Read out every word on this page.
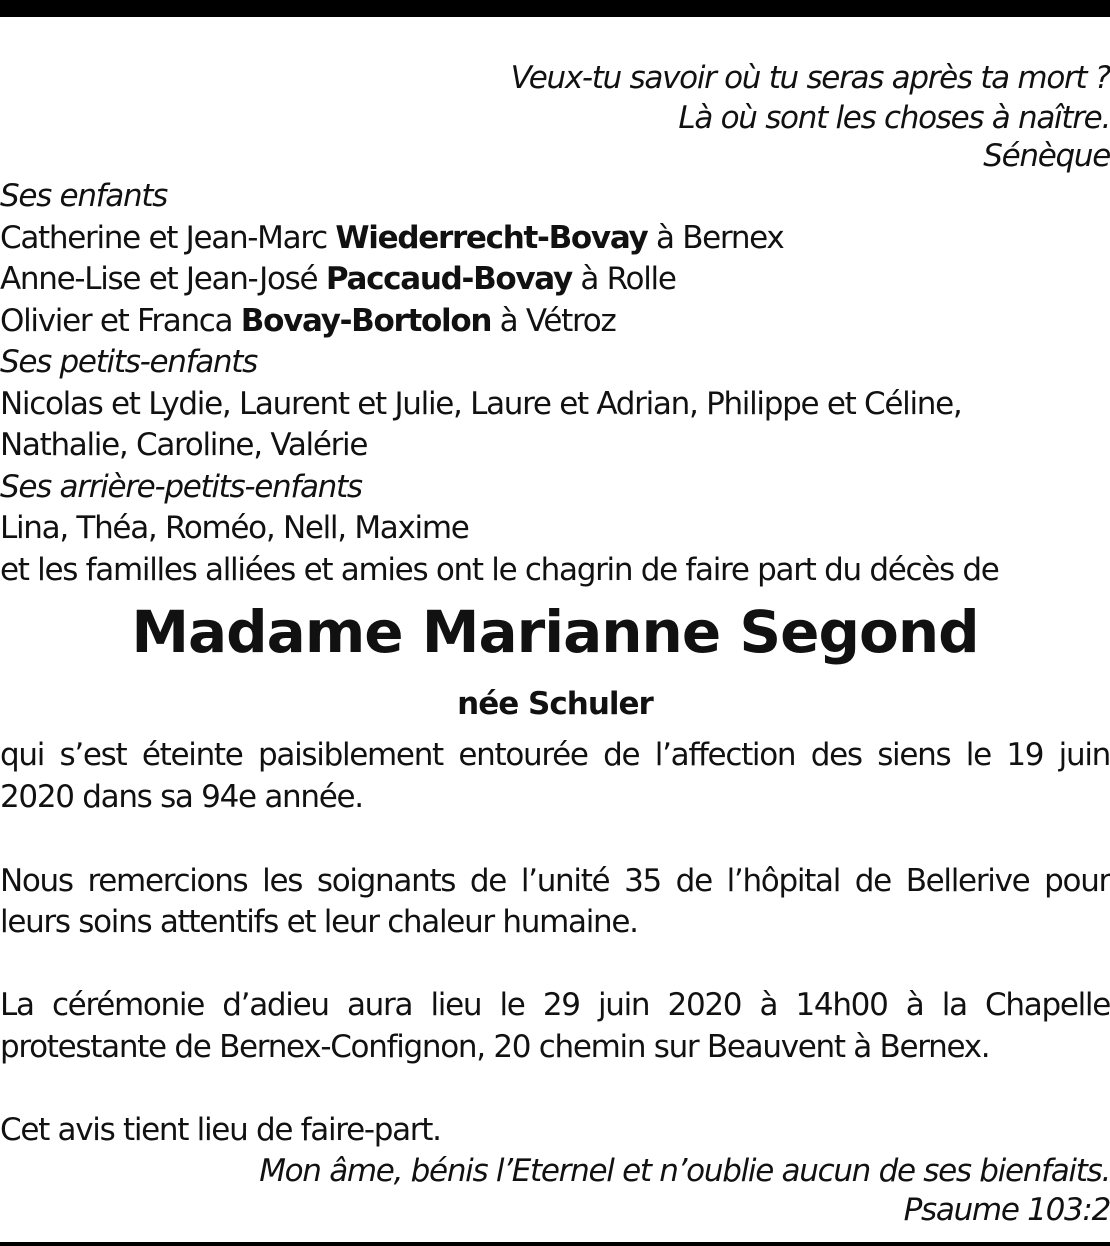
Veux-tu savoir où tu seras après ta mort ?
Là où sont les choses à naître.
Sénèque
Ses enfants
Catherine et Jean-Marc Wiederrecht-Bovay à Bernex
Anne-Lise et Jean-José Paccaud-Bovay à Rolle
Olivier et Franca Bovay-Bortolon à Vétroz
Ses petits-enfants
Nicolas et Lydie, Laurent et Julie, Laure et Adrian, Philippe et Céline,
Nathalie, Caroline, Valérie
Ses arrière-petits-enfants
Lina, Théa, Roméo, Nell, Maxime
et les familles alliées et amies ont le chagrin de faire part du décès de
Madame Marianne Segond
née Schuler
qui s’est éteinte paisiblement entourée de l’affection des siens le 19 juin
2020 dans sa 94e année.
Nous remercions les soignants de l’unité 35 de l’hôpital de Bellerive pour
leurs soins attentifs et leur chaleur humaine.
La cérémonie d’adieu aura lieu le 29 juin 2020 à 14h00 à la Chapelle
protestante de Bernex-Confignon, 20 chemin sur Beauvent à Bernex.
Cet avis tient lieu de faire-part.
Mon âme, bénis l’Eternel et n’oublie aucun de ses bienfaits.
Psaume 103:2
